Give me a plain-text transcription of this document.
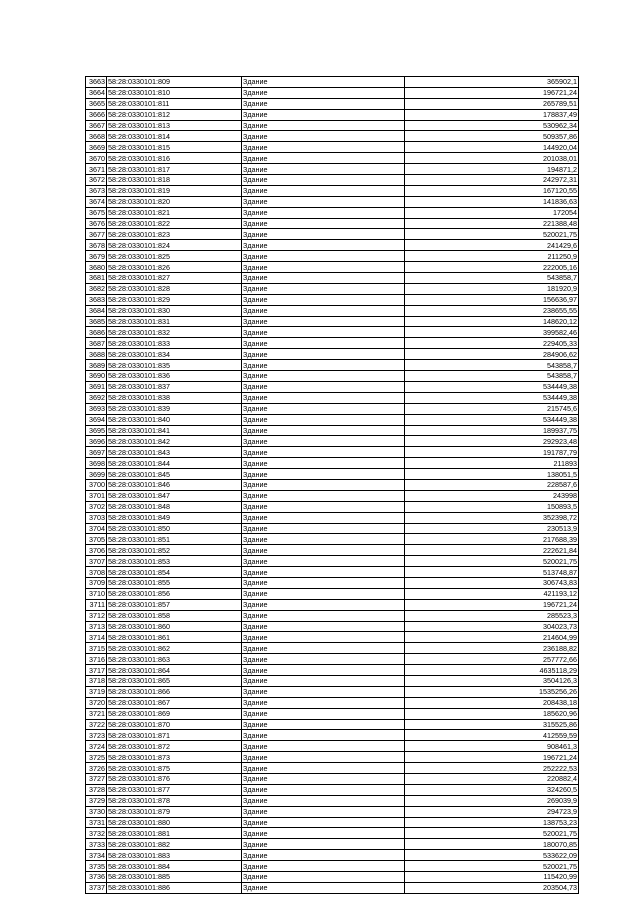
3663	58:28:0330101:809	Здание	365902,1
3664	58:28:0330101:810	Здание	196721,24
3665	58:28:0330101:811	Здание	265789,51
3666	58:28:0330101:812	Здание	178837,49
3667	58:28:0330101:813	Здание	530962,34
3668	58:28:0330101:814	Здание	509357,86
3669	58:28:0330101:815	Здание	144920,04
3670	58:28:0330101:816	Здание	201038,01
3671	58:28:0330101:817	Здание	194871,2
3672	58:28:0330101:818	Здание	242972,31
3673	58:28:0330101:819	Здание	167120,55
3674	58:28:0330101:820	Здание	141836,63
3675	58:28:0330101:821	Здание	172054
3676	58:28:0330101:822	Здание	221388,48
3677	58:28:0330101:823	Здание	520021,75
3678	58:28:0330101:824	Здание	241429,6
3679	58:28:0330101:825	Здание	211250,9
3680	58:28:0330101:826	Здание	222005,16
3681	58:28:0330101:827	Здание	543858,7
3682	58:28:0330101:828	Здание	181920,9
3683	58:28:0330101:829	Здание	156636,97
3684	58:28:0330101:830	Здание	238655,55
3685	58:28:0330101:831	Здание	148620,12
3686	58:28:0330101:832	Здание	399582,46
3687	58:28:0330101:833	Здание	229405,33
3688	58:28:0330101:834	Здание	284906,62
3689	58:28:0330101:835	Здание	543858,7
3690	58:28:0330101:836	Здание	543858,7
3691	58:28:0330101:837	Здание	534449,38
3692	58:28:0330101:838	Здание	534449,38
3693	58:28:0330101:839	Здание	215745,6
3694	58:28:0330101:840	Здание	534449,38
3695	58:28:0330101:841	Здание	189937,75
3696	58:28:0330101:842	Здание	292923,48
3697	58:28:0330101:843	Здание	191787,79
3698	58:28:0330101:844	Здание	211893
3699	58:28:0330101:845	Здание	138051,5
3700	58:28:0330101:846	Здание	228587,6
3701	58:28:0330101:847	Здание	243998
3702	58:28:0330101:848	Здание	150893,5
3703	58:28:0330101:849	Здание	352398,72
3704	58:28:0330101:850	Здание	230513,9
3705	58:28:0330101:851	Здание	217688,39
3706	58:28:0330101:852	Здание	222621,84
3707	58:28:0330101:853	Здание	520021,75
3708	58:28:0330101:854	Здание	513748,87
3709	58:28:0330101:855	Здание	306743,83
3710	58:28:0330101:856	Здание	421193,12
3711	58:28:0330101:857	Здание	196721,24
3712	58:28:0330101:858	Здание	285523,3
3713	58:28:0330101:860	Здание	304023,73
3714	58:28:0330101:861	Здание	214604,99
3715	58:28:0330101:862	Здание	236188,82
3716	58:28:0330101:863	Здание	257772,66
3717	58:28:0330101:864	Здание	4635118,29
3718	58:28:0330101:865	Здание	3504126,3
3719	58:28:0330101:866	Здание	1535256,26
3720	58:28:0330101:867	Здание	208438,18
3721	58:28:0330101:869	Здание	185620,96
3722	58:28:0330101:870	Здание	315525,86
3723	58:28:0330101:871	Здание	412559,59
3724	58:28:0330101:872	Здание	908461,3
3725	58:28:0330101:873	Здание	196721,24
3726	58:28:0330101:875	Здание	252222,53
3727	58:28:0330101:876	Здание	220882,4
3728	58:28:0330101:877	Здание	324260,5
3729	58:28:0330101:878	Здание	269039,9
3730	58:28:0330101:879	Здание	294723,9
3731	58:28:0330101:880	Здание	138753,23
3732	58:28:0330101:881	Здание	520021,75
3733	58:28:0330101:882	Здание	180070,85
3734	58:28:0330101:883	Здание	533622,09
3735	58:28:0330101:884	Здание	520021,75
3736	58:28:0330101:885	Здание	115420,99
3737	58:28:0330101:886	Здание	203504,73
